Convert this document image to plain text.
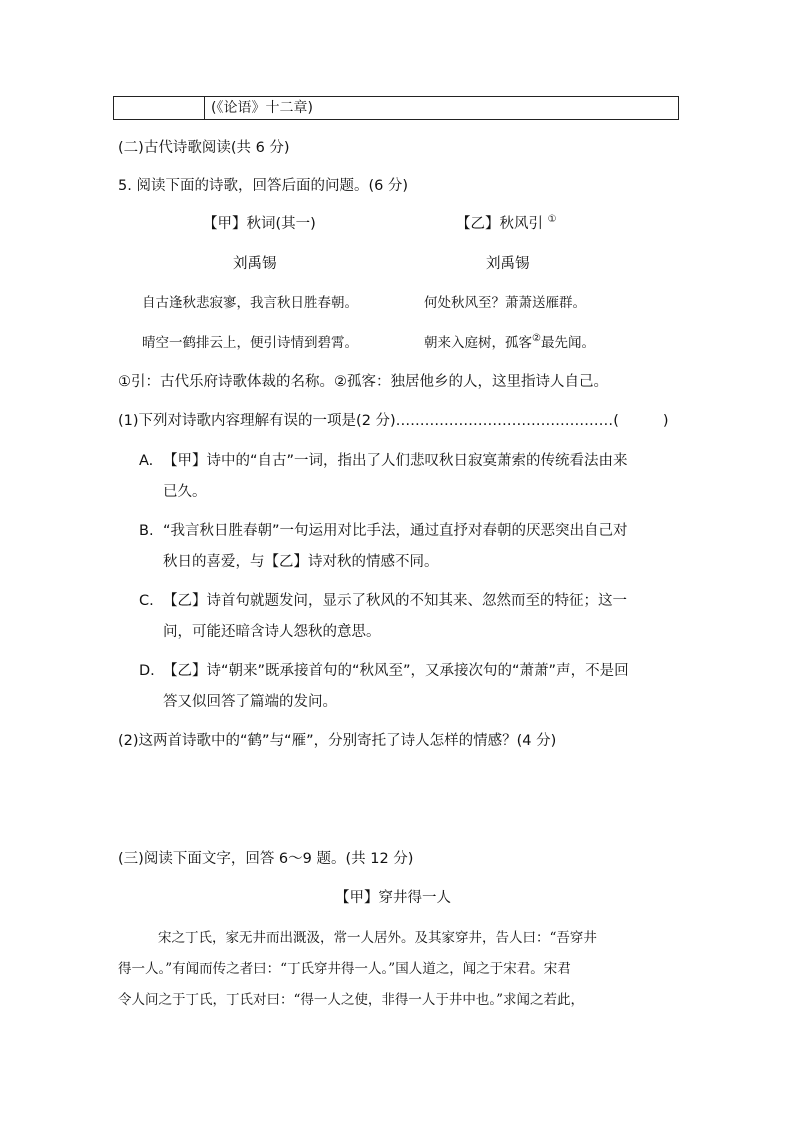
(《论语》十二章)
(二)古代诗歌阅读(共 6 分)
5. 阅读下面的诗歌，回答后面的问题。(6 分)
【甲】秋词(其一)	【乙】秋风引 ①
刘禹锡	刘禹锡
自古逢秋悲寂寥，我言秋日胜春朝。	何处秋风至？萧萧送雁群。
晴空一鹤排云上，便引诗情到碧霄。	朝来入庭树，孤客②最先闻。
①引：古代乐府诗歌体裁的名称。②孤客：独居他乡的人，这里指诗人自己。
(1)下列对诗歌内容理解有误的一项是(2 分)………………………………………(	)
A. 【甲】诗中的“自古”一词，指出了人们悲叹秋日寂寞萧索的传统看法由来
已久。
B. “我言秋日胜春朝”一句运用对比手法，通过直抒对春朝的厌恶突出自己对
秋日的喜爱，与【乙】诗对秋的情感不同。
C. 【乙】诗首句就题发问，显示了秋风的不知其来、忽然而至的特征；这一
问，可能还暗含诗人怨秋的意思。
D. 【乙】诗“朝来”既承接首句的“秋风至”，又承接次句的“萧萧”声，不是回
答又似回答了篇端的发问。
(2)这两首诗歌中的“鹤”与“雁”，分别寄托了诗人怎样的情感？(4 分)
(三)阅读下面文字，回答 6～9 题。(共 12 分)
【甲】穿井得一人
宋之丁氏，家无井而出溉汲，常一人居外。及其家穿井，告人曰：“吾穿井
得一人。”有闻而传之者曰：“丁氏穿井得一人。”国人道之，闻之于宋君。宋君
令人问之于丁氏，丁氏对曰：“得一人之使，非得一人于井中也。”求闻之若此，
